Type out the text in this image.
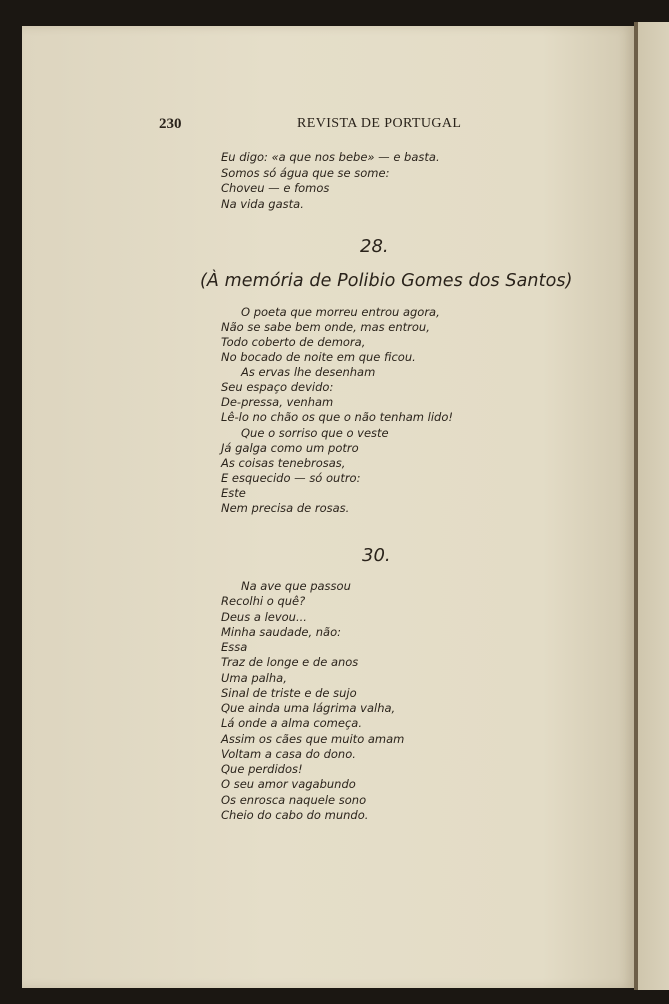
230	REVISTA DE PORTUGAL
Eu digo: «a que nos bebe» — e basta.
Somos só água que se some:
Choveu — e fomos
Na vida gasta.
28.
(À memória de Polibio Gomes dos Santos)
O poeta que morreu entrou agora,
Não se sabe bem onde, mas entrou,
Todo coberto de demora,
No bocado de noite em que ficou.
As ervas lhe desenham
Seu espaço devido:
De-pressa, venham
Lê-lo no chão os que o não tenham lido!
Que o sorriso que o veste
Já galga como um potro
As coisas tenebrosas,
E esquecido — só outro:
Este
Nem precisa de rosas.
30.
Na ave que passou
Recolhi o quê?
Deus a levou...
Minha saudade, não:
Essa
Traz de longe e de anos
Uma palha,
Sinal de triste e de sujo
Que ainda uma lágrima valha,
Lá onde a alma começa.
Assim os cães que muito amam
Voltam a casa do dono.
Que perdidos!
O seu amor vagabundo
Os enrosca naquele sono
Cheio do cabo do mundo.
